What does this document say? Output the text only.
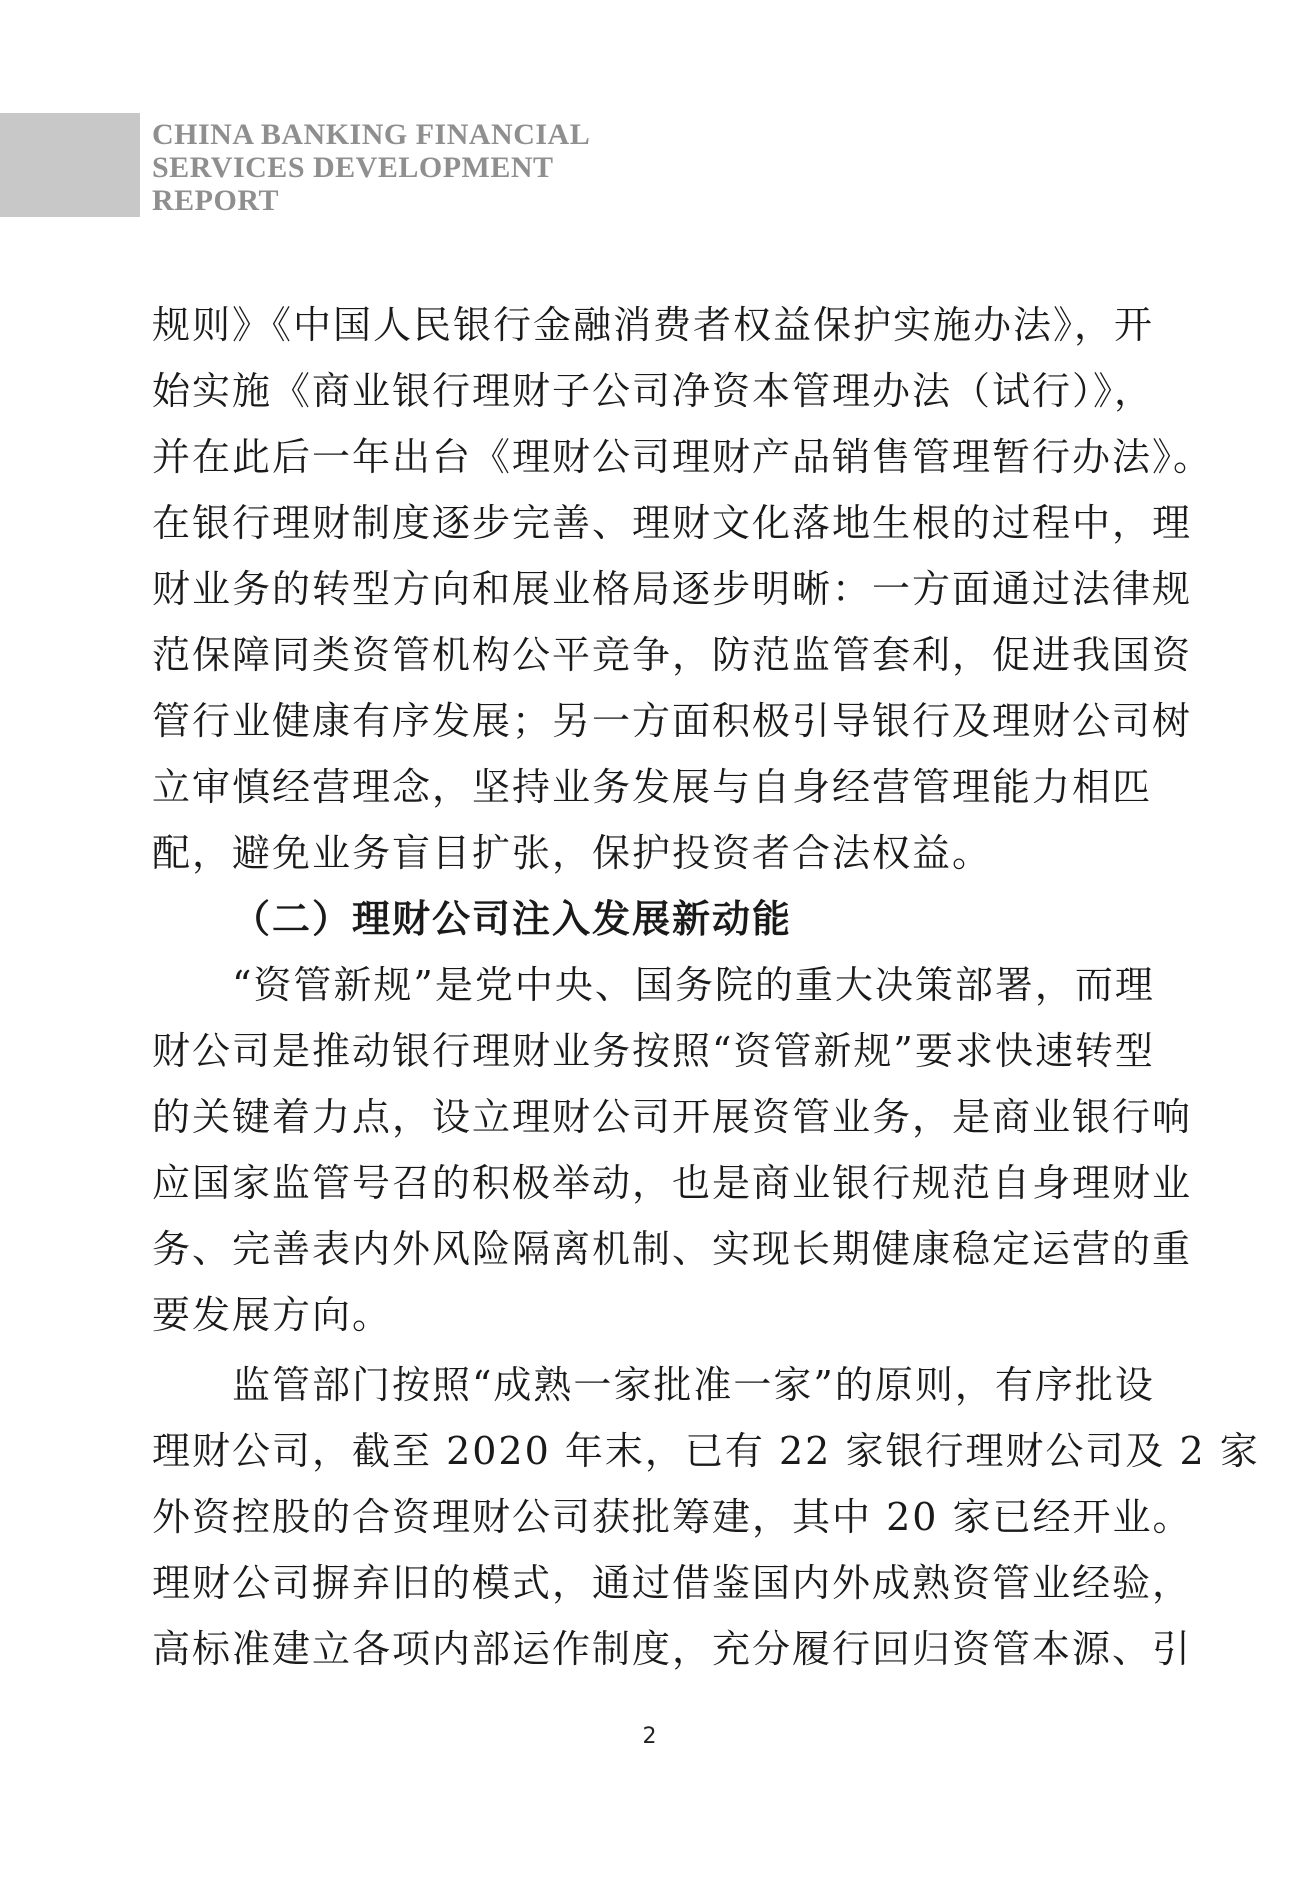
CHINA BANKING FINANCIAL
SERVICES DEVELOPMENT
REPORT
规则》《中国人民银行金融消费者权益保护实施办法》，开
始实施《商业银行理财子公司净资本管理办法（试行）》，
并在此后一年出台《理财公司理财产品销售管理暂行办法》。
在银行理财制度逐步完善、理财文化落地生根的过程中，理
财业务的转型方向和展业格局逐步明晰：一方面通过法律规
范保障同类资管机构公平竞争，防范监管套利，促进我国资
管行业健康有序发展；另一方面积极引导银行及理财公司树
立审慎经营理念，坚持业务发展与自身经营管理能力相匹
配，避免业务盲目扩张，保护投资者合法权益。
（二）理财公司注入发展新动能
“资管新规”是党中央、国务院的重大决策部署，而理
财公司是推动银行理财业务按照“资管新规”要求快速转型
的关键着力点，设立理财公司开展资管业务，是商业银行响
应国家监管号召的积极举动，也是商业银行规范自身理财业
务、完善表内外风险隔离机制、实现长期健康稳定运营的重
要发展方向。
监管部门按照“成熟一家批准一家”的原则，有序批设
理财公司，截至 2020 年末，已有 22 家银行理财公司及 2 家
外资控股的合资理财公司获批筹建，其中 20 家已经开业。
理财公司摒弃旧的模式，通过借鉴国内外成熟资管业经验，
高标准建立各项内部运作制度，充分履行回归资管本源、引
2
